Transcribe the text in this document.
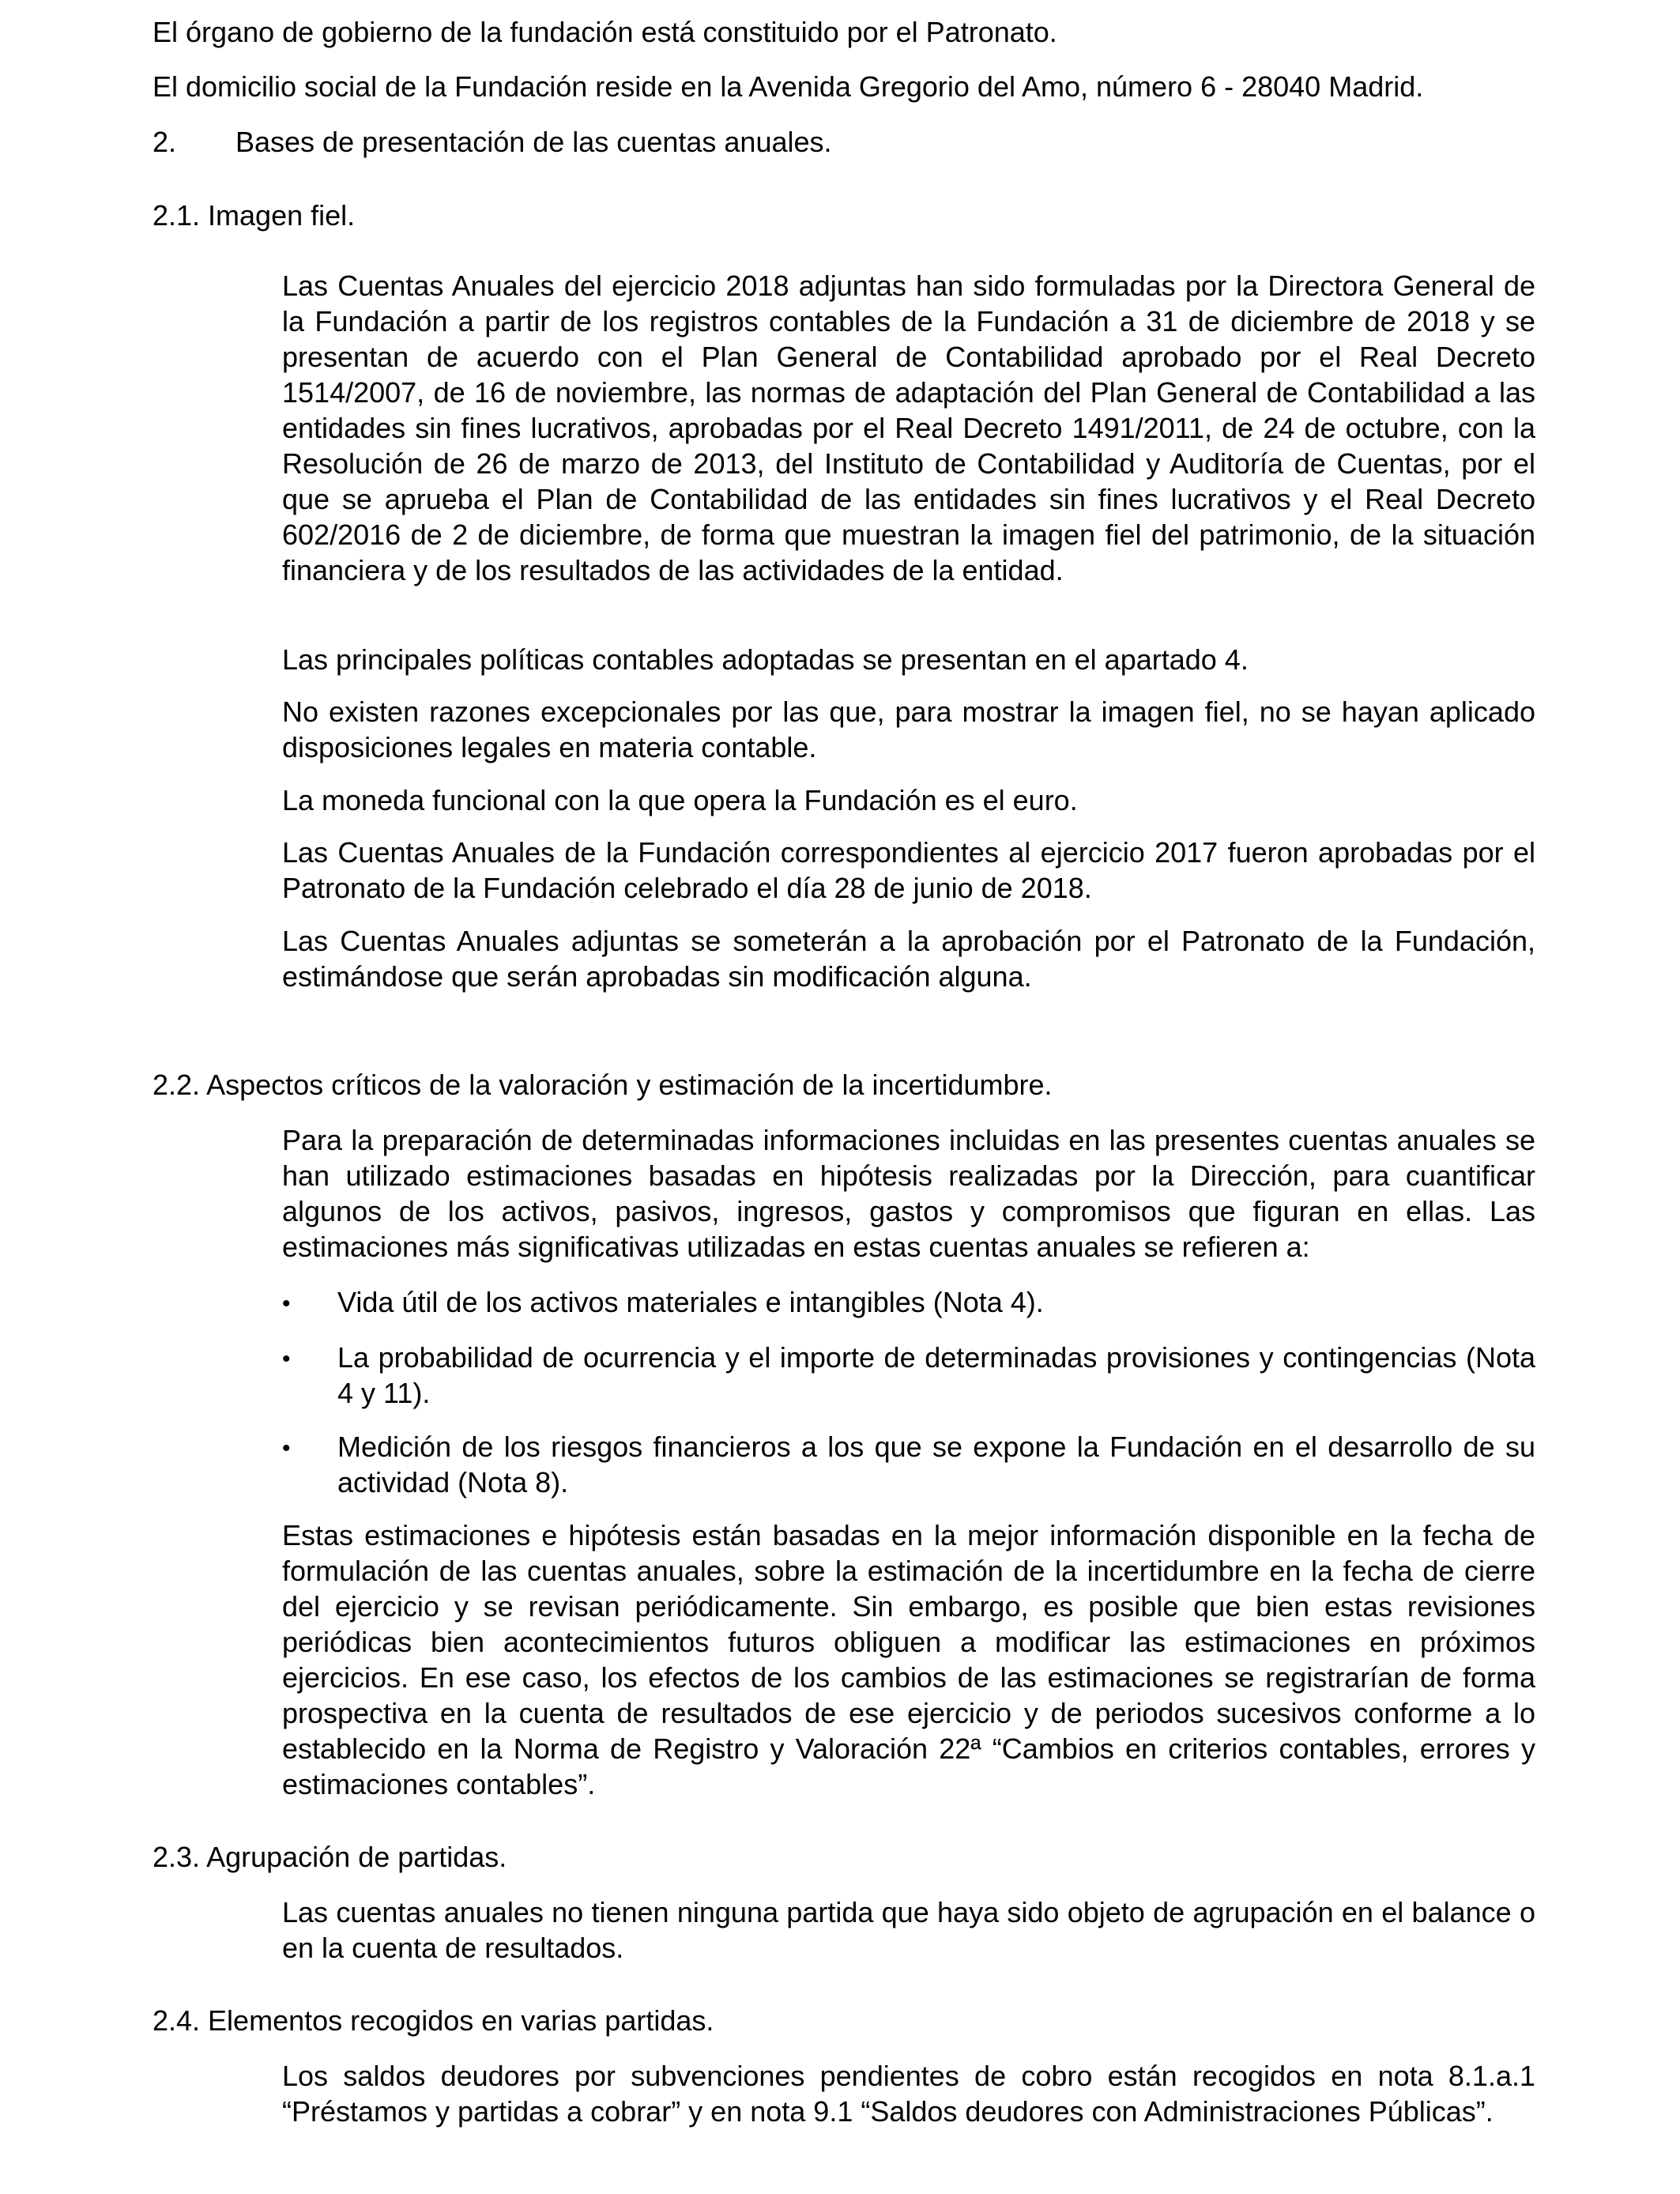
El órgano de gobierno de la fundación está constituido por el Patronato.

El domicilio social de la Fundación reside en la Avenida Gregorio del Amo, número 6 - 28040 Madrid.

2. Bases de presentación de las cuentas anuales.

2.1. Imagen fiel.

Las Cuentas Anuales del ejercicio 2018 adjuntas han sido formuladas por la Directora General de la Fundación a partir de los registros contables de la Fundación a 31 de diciembre de 2018 y se presentan de acuerdo con el Plan General de Contabilidad aprobado por el Real Decreto 1514/2007, de 16 de noviembre, las normas de adaptación del Plan General de Contabilidad a las entidades sin fines lucrativos, aprobadas por el Real Decreto 1491/2011, de 24 de octubre, con la Resolución de 26 de marzo de 2013, del Instituto de Contabilidad y Auditoría de Cuentas, por el que se aprueba el Plan de Contabilidad de las entidades sin fines lucrativos y el Real Decreto 602/2016 de 2 de diciembre, de forma que muestran la imagen fiel del patrimonio, de la situación financiera y de los resultados de las actividades de la entidad.

Las principales políticas contables adoptadas se presentan en el apartado 4.

No existen razones excepcionales por las que, para mostrar la imagen fiel, no se hayan aplicado disposiciones legales en materia contable.

La moneda funcional con la que opera la Fundación es el euro.

Las Cuentas Anuales de la Fundación correspondientes al ejercicio 2017 fueron aprobadas por el Patronato de la Fundación celebrado el día 28 de junio de 2018.

Las Cuentas Anuales adjuntas se someterán a la aprobación por el Patronato de la Fundación, estimándose que serán aprobadas sin modificación alguna.

2.2. Aspectos críticos de la valoración y estimación de la incertidumbre.

Para la preparación de determinadas informaciones incluidas en las presentes cuentas anuales se han utilizado estimaciones basadas en hipótesis realizadas por la Dirección, para cuantificar algunos de los activos, pasivos, ingresos, gastos y compromisos que figuran en ellas. Las estimaciones más significativas utilizadas en estas cuentas anuales se refieren a:

• Vida útil de los activos materiales e intangibles (Nota 4).

• La probabilidad de ocurrencia y el importe de determinadas provisiones y contingencias (Nota 4 y 11).

• Medición de los riesgos financieros a los que se expone la Fundación en el desarrollo de su actividad (Nota 8).

Estas estimaciones e hipótesis están basadas en la mejor información disponible en la fecha de formulación de las cuentas anuales, sobre la estimación de la incertidumbre en la fecha de cierre del ejercicio y se revisan periódicamente. Sin embargo, es posible que bien estas revisiones periódicas bien acontecimientos futuros obliguen a modificar las estimaciones en próximos ejercicios. En ese caso, los efectos de los cambios de las estimaciones se registrarían de forma prospectiva en la cuenta de resultados de ese ejercicio y de periodos sucesivos conforme a lo establecido en la Norma de Registro y Valoración 22ª “Cambios en criterios contables, errores y estimaciones contables”.

2.3. Agrupación de partidas.

Las cuentas anuales no tienen ninguna partida que haya sido objeto de agrupación en el balance o en la cuenta de resultados.

2.4. Elementos recogidos en varias partidas.

Los saldos deudores por subvenciones pendientes de cobro están recogidos en nota 8.1.a.1 “Préstamos y partidas a cobrar” y en nota 9.1 “Saldos deudores con Administraciones Públicas”.
